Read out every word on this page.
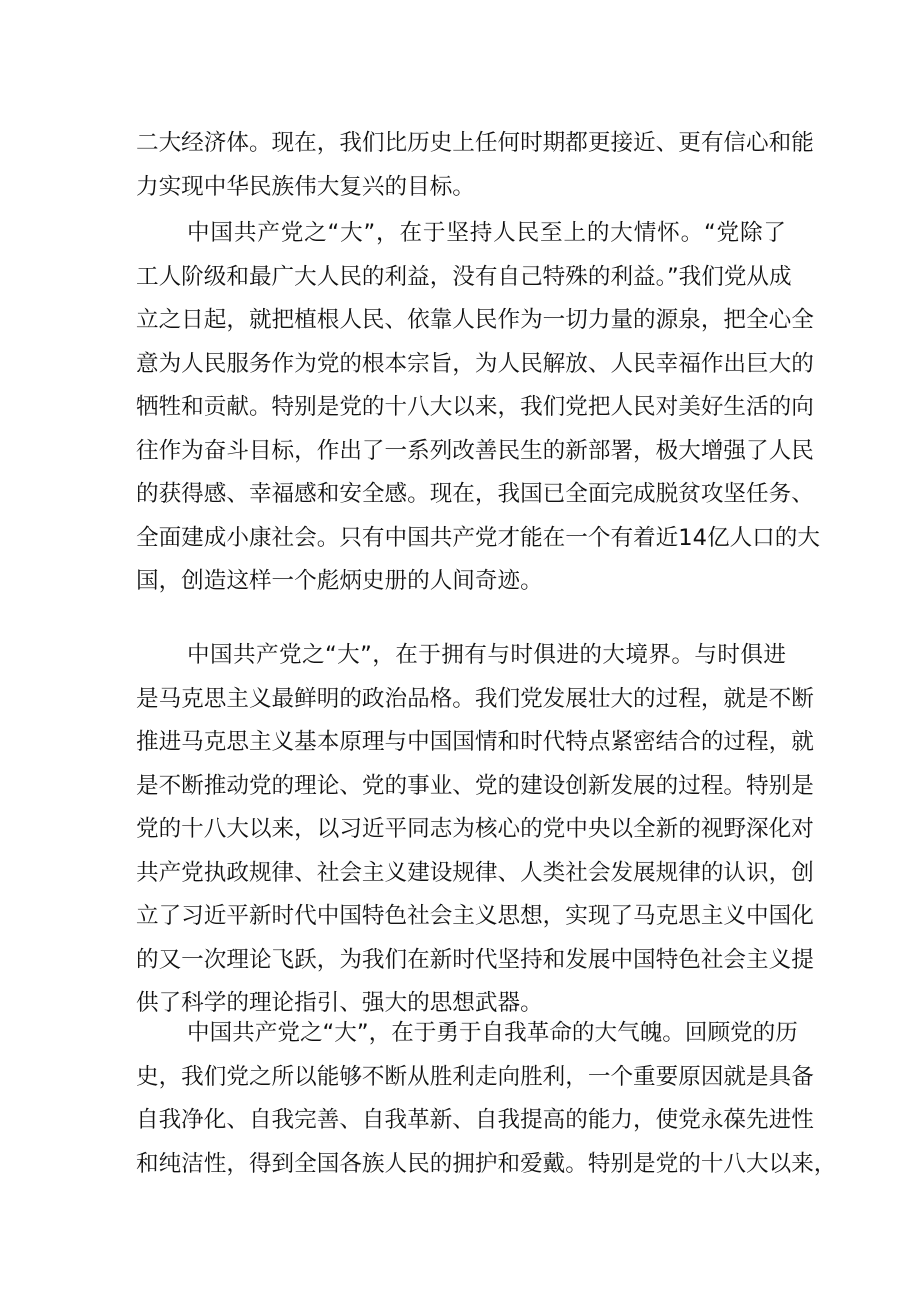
二大经济体。现在，我们比历史上任何时期都更接近、更有信心和能
力实现中华民族伟大复兴的目标。
中国共产党之“大”，在于坚持人民至上的大情怀。“党除了
工人阶级和最广大人民的利益，没有自己特殊的利益。”我们党从成
立之日起，就把植根人民、依靠人民作为一切力量的源泉，把全心全
意为人民服务作为党的根本宗旨，为人民解放、人民幸福作出巨大的
牺牲和贡献。特别是党的十八大以来，我们党把人民对美好生活的向
往作为奋斗目标，作出了一系列改善民生的新部署，极大增强了人民
的获得感、幸福感和安全感。现在，我国已全面完成脱贫攻坚任务、
全面建成小康社会。只有中国共产党才能在一个有着近14亿人口的大
国，创造这样一个彪炳史册的人间奇迹。
中国共产党之“大”，在于拥有与时俱进的大境界。与时俱进
是马克思主义最鲜明的政治品格。我们党发展壮大的过程，就是不断
推进马克思主义基本原理与中国国情和时代特点紧密结合的过程，就
是不断推动党的理论、党的事业、党的建设创新发展的过程。特别是
党的十八大以来，以习近平同志为核心的党中央以全新的视野深化对
共产党执政规律、社会主义建设规律、人类社会发展规律的认识，创
立了习近平新时代中国特色社会主义思想，实现了马克思主义中国化
的又一次理论飞跃，为我们在新时代坚持和发展中国特色社会主义提
供了科学的理论指引、强大的思想武器。
中国共产党之“大”，在于勇于自我革命的大气魄。回顾党的历
史，我们党之所以能够不断从胜利走向胜利，一个重要原因就是具备
自我净化、自我完善、自我革新、自我提高的能力，使党永葆先进性
和纯洁性，得到全国各族人民的拥护和爱戴。特别是党的十八大以来，
